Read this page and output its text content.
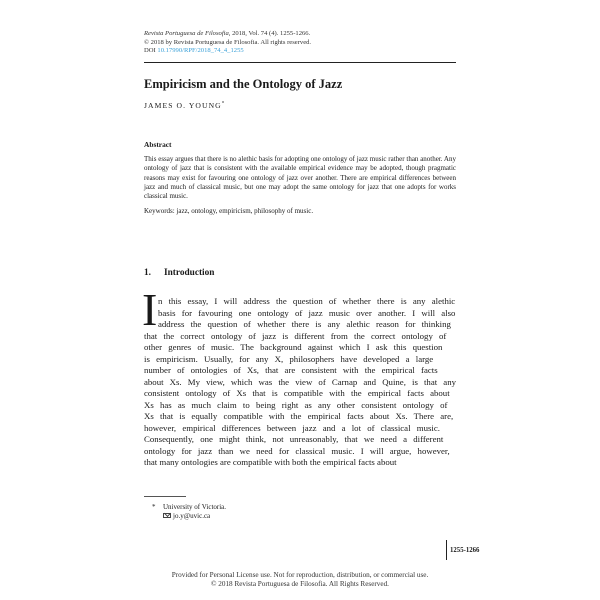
Revista Portuguesa de Filosofia, 2018, Vol. 74 (4). 1255-1266.
© 2018 by Revista Portuguesa de Filosofia. All rights reserved.
DOI 10.17990/RPF/2018_74_4_1255
Empiricism and the Ontology of Jazz
JAMES O. YOUNG*
Abstract
This essay argues that there is no alethic basis for adopting one ontology of jazz music rather than another. Any ontology of jazz that is consistent with the available empirical evidence may be adopted, though pragmatic reasons may exist for favouring one ontology of jazz over another. There are empirical differences between jazz and much of classical music, but one may adopt the same ontology for jazz that one adopts for works classical music.
Keywords: jazz, ontology, empiricism, philosophy of music.
1. Introduction
I n this essay, I will address the question of whether there is any alethic
basis for favouring one ontology of jazz music over another. I will also
address the question of whether there is any alethic reason for thinking
that the correct ontology of jazz is different from the correct ontology of
other genres of music. The background against which I ask this question
is empiricism. Usually, for any X, philosophers have developed a large
number of ontologies of Xs, that are consistent with the empirical facts
about Xs. My view, which was the view of Carnap and Quine, is that any
consistent ontology of Xs that is compatible with the empirical facts about
Xs has as much claim to being right as any other consistent ontology of
Xs that is equally compatible with the empirical facts about Xs. There are,
however, empirical differences between jazz and a lot of classical music.
Consequently, one might think, not unreasonably, that we need a different
ontology for jazz than we need for classical music. I will argue, however,
that many ontologies are compatible with both the empirical facts about
* University of Victoria.
jo.y@uvic.ca
1255-1266
Provided for Personal License use. Not for reproduction, distribution, or commercial use.
© 2018 Revista Portuguesa de Filosofia. All Rights Reserved.
